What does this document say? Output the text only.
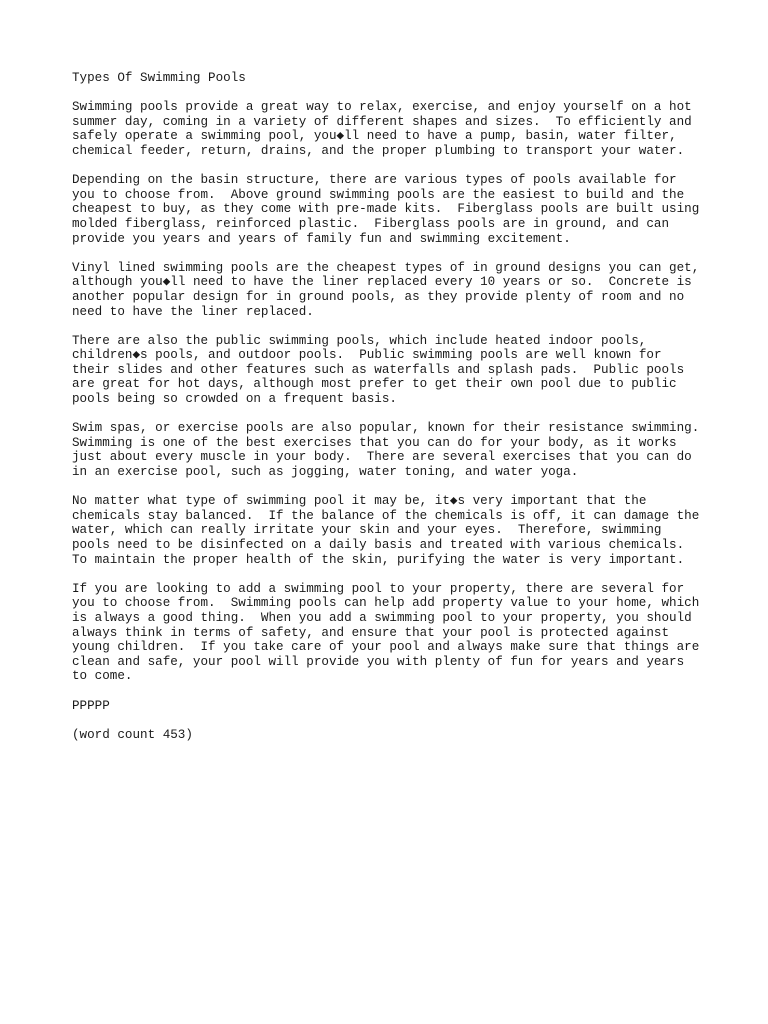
Types Of Swimming Pools
Swimming pools provide a great way to relax, exercise, and enjoy yourself on a hot
summer day, coming in a variety of different shapes and sizes.  To efficiently and
safely operate a swimming pool, you◆ll need to have a pump, basin, water filter,
chemical feeder, return, drains, and the proper plumbing to transport your water.
Depending on the basin structure, there are various types of pools available for
you to choose from.  Above ground swimming pools are the easiest to build and the
cheapest to buy, as they come with pre-made kits.  Fiberglass pools are built using
molded fiberglass, reinforced plastic.  Fiberglass pools are in ground, and can
provide you years and years of family fun and swimming excitement.
Vinyl lined swimming pools are the cheapest types of in ground designs you can get,
although you◆ll need to have the liner replaced every 10 years or so.  Concrete is
another popular design for in ground pools, as they provide plenty of room and no
need to have the liner replaced.
There are also the public swimming pools, which include heated indoor pools,
children◆s pools, and outdoor pools.  Public swimming pools are well known for
their slides and other features such as waterfalls and splash pads.  Public pools
are great for hot days, although most prefer to get their own pool due to public
pools being so crowded on a frequent basis.
Swim spas, or exercise pools are also popular, known for their resistance swimming.
Swimming is one of the best exercises that you can do for your body, as it works
just about every muscle in your body.  There are several exercises that you can do
in an exercise pool, such as jogging, water toning, and water yoga.
No matter what type of swimming pool it may be, it◆s very important that the
chemicals stay balanced.  If the balance of the chemicals is off, it can damage the
water, which can really irritate your skin and your eyes.  Therefore, swimming
pools need to be disinfected on a daily basis and treated with various chemicals.
To maintain the proper health of the skin, purifying the water is very important.
If you are looking to add a swimming pool to your property, there are several for
you to choose from.  Swimming pools can help add property value to your home, which
is always a good thing.  When you add a swimming pool to your property, you should
always think in terms of safety, and ensure that your pool is protected against
young children.  If you take care of your pool and always make sure that things are
clean and safe, your pool will provide you with plenty of fun for years and years
to come.
PPPPP
(word count 453)
